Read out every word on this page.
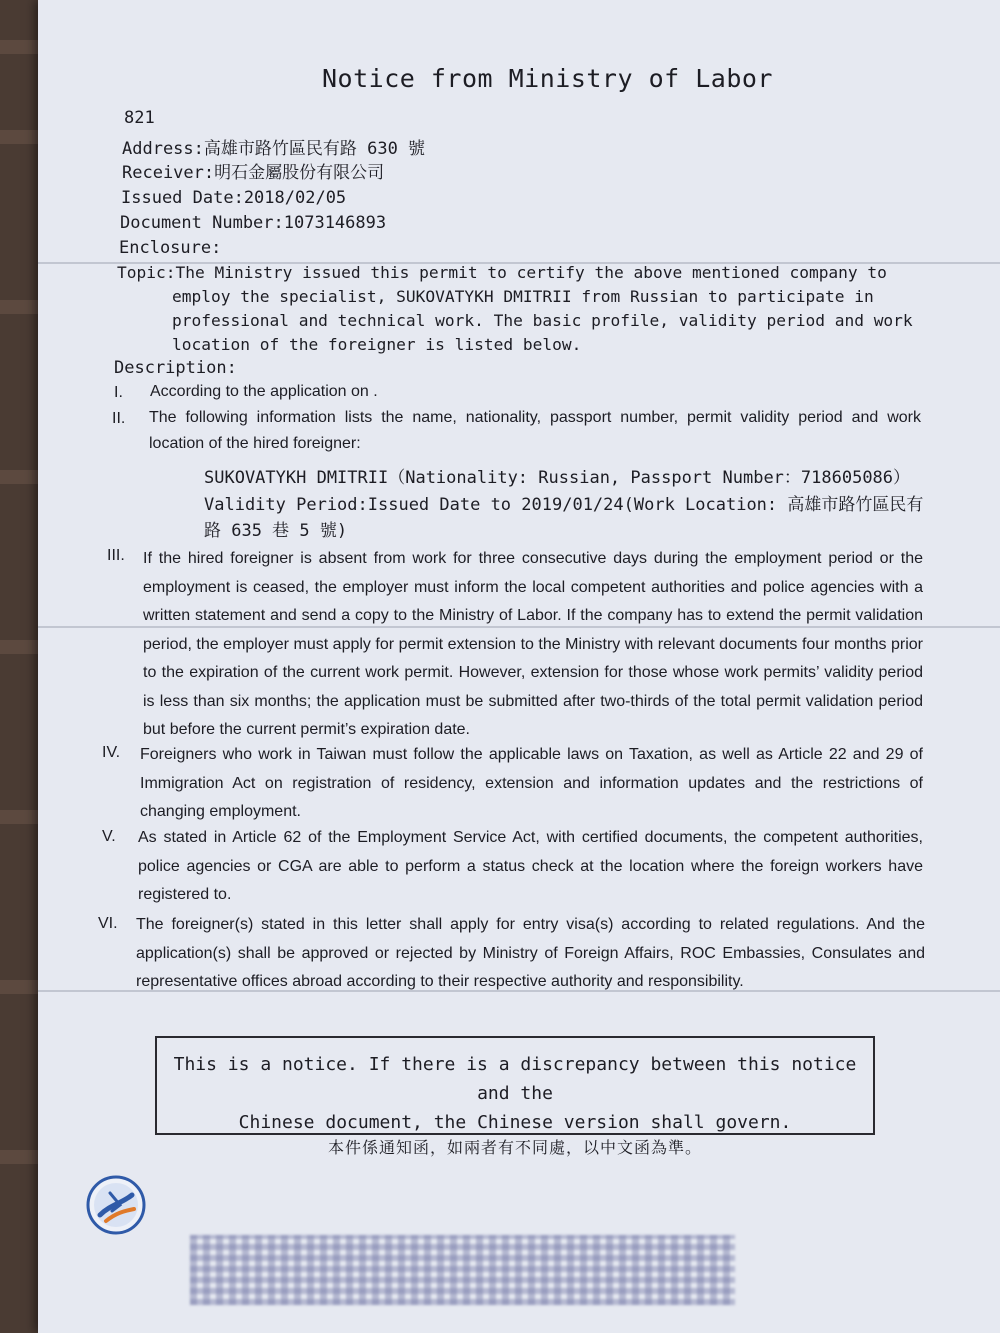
Notice from Ministry of Labor
821
Address:高雄市路竹區民有路 630 號
Receiver:明石金屬股份有限公司
Issued Date:2018/02/05
Document Number:1073146893
Enclosure:
Topic:The Ministry issued this permit to certify the above mentioned company to
employ the specialist, SUKOVATYKH DMITRII from Russian to participate in
professional and technical work. The basic profile, validity period and work
location of the foreigner is listed below.
Description:
I. According to the application on .
II. The following information lists the name, nationality, passport number, permit validity period and work location of the hired foreigner:
SUKOVATYKH DMITRII（Nationality: Russian, Passport Number：718605086）
Validity Period:Issued Date to 2019/01/24(Work Location: 高雄市路竹區民有
路 635 巷 5 號)
III. If the hired foreigner is absent from work for three consecutive days during the employment period or the employment is ceased, the employer must inform the local competent authorities and police agencies with a written statement and send a copy to the Ministry of Labor. If the company has to extend the permit validation period, the employer must apply for permit extension to the Ministry with relevant documents four months prior to the expiration of the current work permit. However, extension for those whose work permits’ validity period is less than six months; the application must be submitted after two-thirds of the total permit validation period but before the current permit’s expiration date.
IV. Foreigners who work in Taiwan must follow the applicable laws on Taxation, as well as Article 22 and 29 of Immigration Act on registration of residency, extension and information updates and the restrictions of changing employment.
V. As stated in Article 62 of the Employment Service Act, with certified documents, the competent authorities, police agencies or CGA are able to perform a status check at the location where the foreign workers have registered to.
VI. The foreigner(s) stated in this letter shall apply for entry visa(s) according to related regulations. And the application(s) shall be approved or rejected by Ministry of Foreign Affairs, ROC Embassies, Consulates and representative offices abroad according to their respective authority and responsibility.
This is a notice. If there is a discrepancy between this notice and the
Chinese document, the Chinese version shall govern.
本件係通知函，如兩者有不同處，以中文函為準。
